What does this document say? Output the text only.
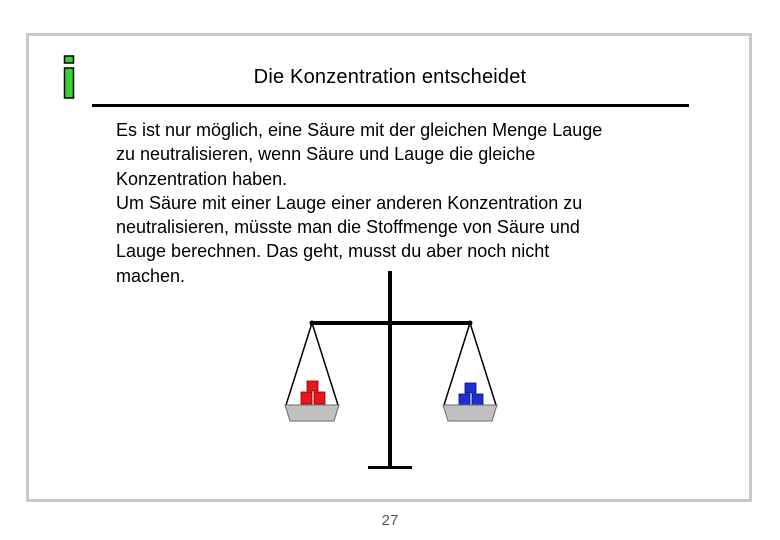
Die Konzentration entscheidet
Es ist nur möglich, eine Säure mit der gleichen Menge Lauge
zu neutralisieren, wenn Säure und Lauge die gleiche
Konzentration haben.
Um Säure mit einer Lauge einer anderen Konzentration zu
neutralisieren, müsste man die Stoffmenge von Säure und
Lauge berechnen. Das geht, musst du aber noch nicht
machen.
27
